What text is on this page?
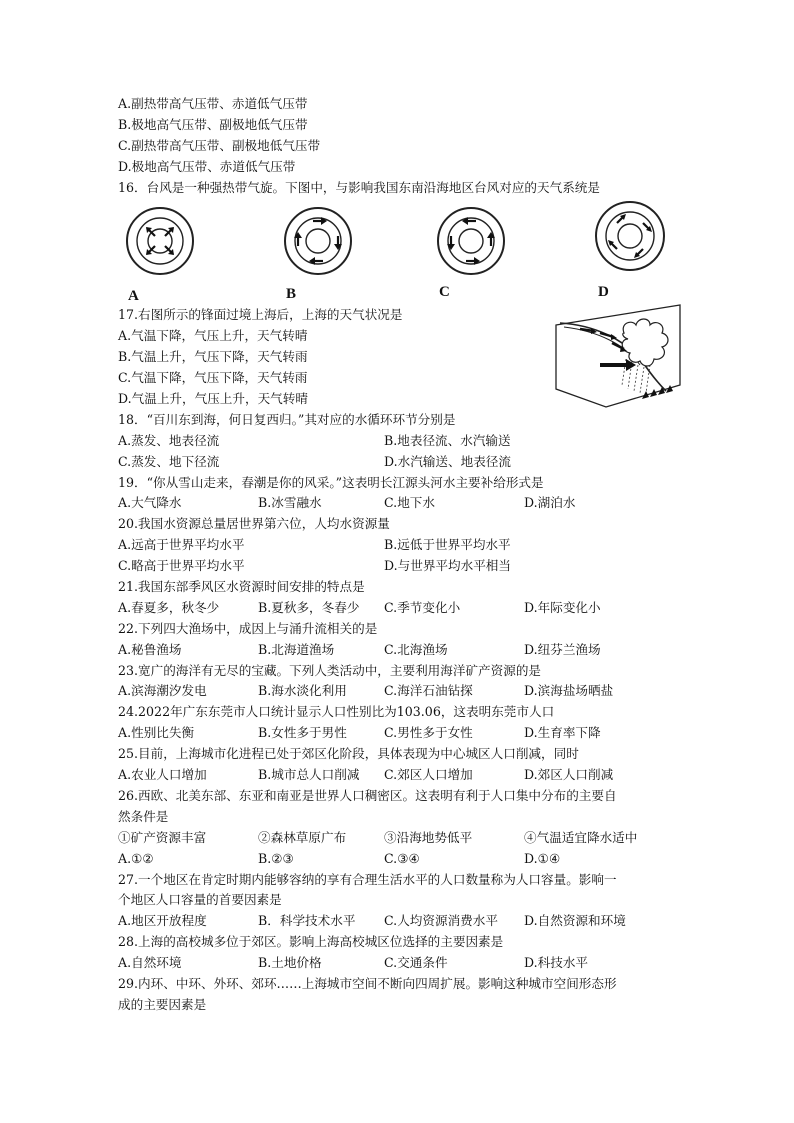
A.副热带高气压带、赤道低气压带
B.极地高气压带、副极地低气压带
C.副热带高气压带、副极地低气压带
D.极地高气压带、赤道低气压带
16．台风是一种强热带气旋。下图中，与影响我国东南沿海地区台风对应的天气系统是
A	B	C	D
17.右图所示的锋面过境上海后，上海的天气状况是
A.气温下降，气压上升，天气转晴
B.气温上升，气压下降，天气转雨
C.气温下降，气压下降，天气转雨
D.气温上升，气压上升，天气转晴
18．“百川东到海，何日复西归。”其对应的水循环环节分别是
A.蒸发、地表径流	B.地表径流、水汽输送
C.蒸发、地下径流	D.水汽输送、地表径流
19．“你从雪山走来，春潮是你的风采。”这表明长江源头河水主要补给形式是
A.大气降水	B.冰雪融水	C.地下水	D.湖泊水
20.我国水资源总量居世界第六位，人均水资源量
A.远高于世界平均水平	B.远低于世界平均水平
C.略高于世界平均水平	D.与世界平均水平相当
21.我国东部季风区水资源时间安排的特点是
A.春夏多，秋冬少	B.夏秋多，冬春少 C.季节变化小	D.年际变化小
22.下列四大渔场中，成因上与涌升流相关的是
A.秘鲁渔场	B.北海道渔场	C.北海渔场	D.纽芬兰渔场
23.宽广的海洋有无尽的宝藏。下列人类活动中，主要利用海洋矿产资源的是
A.滨海潮汐发电	B.海水淡化利用	C.海洋石油钻探	D.滨海盐场晒盐
24.2022年广东东莞市人口统计显示人口性别比为103.06，这表明东莞市人口
A.性别比失衡	B.女性多于男性	C.男性多于女性	D.生育率下降
25.目前，上海城市化进程已处于郊区化阶段，具体表现为中心城区人口削减，同时
A.农业人口增加	B.城市总人口削减 C.郊区人口增加	D.郊区人口削减
26.西欧、北美东部、东亚和南亚是世界人口稠密区。这表明有利于人口集中分布的主要自
然条件是
①矿产资源丰富	②森林草原广布	③沿海地势低平	④气温适宜降水适中
A.①②	B.②③	C.③④	D.①④
27.一个地区在肯定时期内能够容纳的享有合理生活水平的人口数量称为人口容量。影响一
个地区人口容量的首要因素是
A.地区开放程度	B．科学技术水平 C.人均资源消费水平 D.自然资源和环境
28.上海的高校城多位于郊区。影响上海高校城区位选择的主要因素是
A.自然环境	B.土地价格	C.交通条件	D.科技水平
29.内环、中环、外环、郊环……上海城市空间不断向四周扩展。影响这种城市空间形态形
成的主要因素是
